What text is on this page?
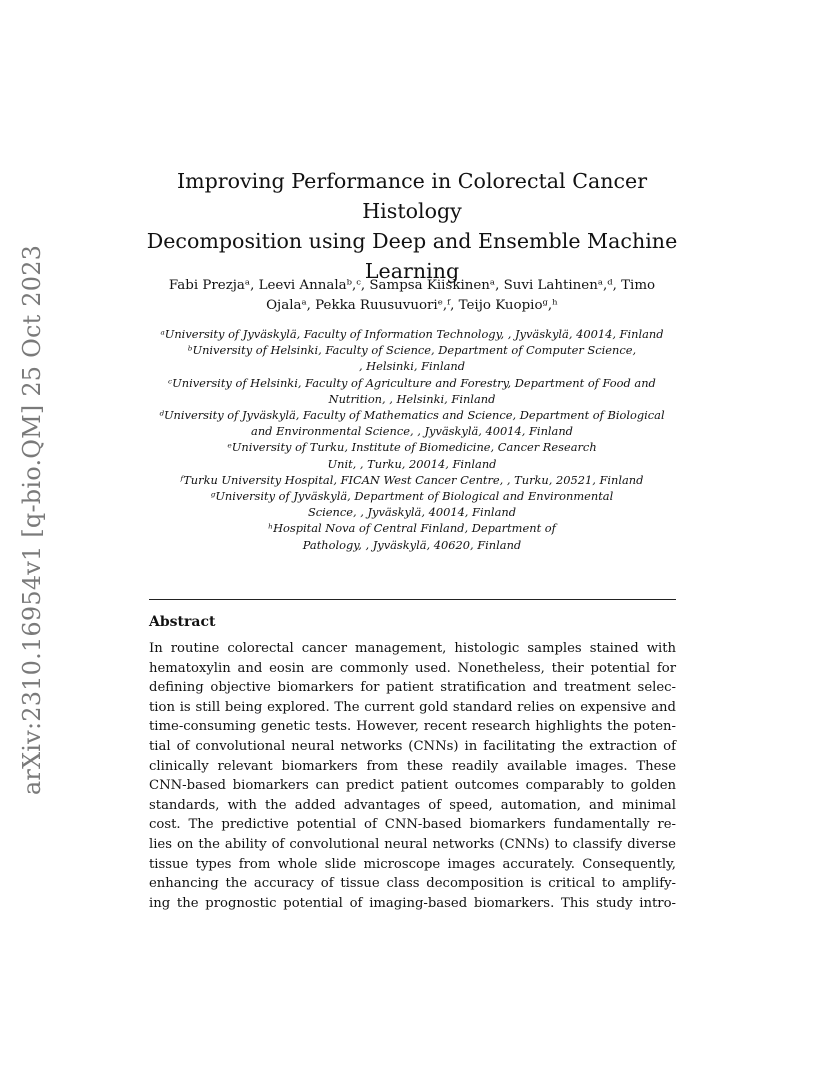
arXiv:2310.16954v1 [q-bio.QM] 25 Oct 2023
Improving Performance in Colorectal Cancer Histology
Decomposition using Deep and Ensemble Machine
Learning
Fabi Prezjaᵃ, Leevi Annalaᵇ,ᶜ, Sampsa Kiiskinenᵃ, Suvi Lahtinenᵃ,ᵈ, Timo
Ojalaᵃ, Pekka Ruusuvuoriᵉ,ᶠ, Teijo Kuopioᵍ,ʰ
ᵃUniversity of Jyväskylä, Faculty of Information Technology, , Jyväskylä, 40014, Finland
ᵇUniversity of Helsinki, Faculty of Science, Department of Computer Science,
, Helsinki, Finland
ᶜUniversity of Helsinki, Faculty of Agriculture and Forestry, Department of Food and
Nutrition, , Helsinki, Finland
ᵈUniversity of Jyväskylä, Faculty of Mathematics and Science, Department of Biological
and Environmental Science, , Jyväskylä, 40014, Finland
ᵉUniversity of Turku, Institute of Biomedicine, Cancer Research
Unit, , Turku, 20014, Finland
ᶠTurku University Hospital, FICAN West Cancer Centre, , Turku, 20521, Finland
ᵍUniversity of Jyväskylä, Department of Biological and Environmental
Science, , Jyväskylä, 40014, Finland
ʰHospital Nova of Central Finland, Department of
Pathology, , Jyväskylä, 40620, Finland
Abstract
In routine colorectal cancer management, histologic samples stained with
hematoxylin and eosin are commonly used. Nonetheless, their potential for
defining objective biomarkers for patient stratification and treatment selec-
tion is still being explored. The current gold standard relies on expensive and
time-consuming genetic tests. However, recent research highlights the poten-
tial of convolutional neural networks (CNNs) in facilitating the extraction of
clinically relevant biomarkers from these readily available images. These
CNN-based biomarkers can predict patient outcomes comparably to golden
standards, with the added advantages of speed, automation, and minimal
cost. The predictive potential of CNN-based biomarkers fundamentally re-
lies on the ability of convolutional neural networks (CNNs) to classify diverse
tissue types from whole slide microscope images accurately. Consequently,
enhancing the accuracy of tissue class decomposition is critical to amplify-
ing the prognostic potential of imaging-based biomarkers. This study intro-
